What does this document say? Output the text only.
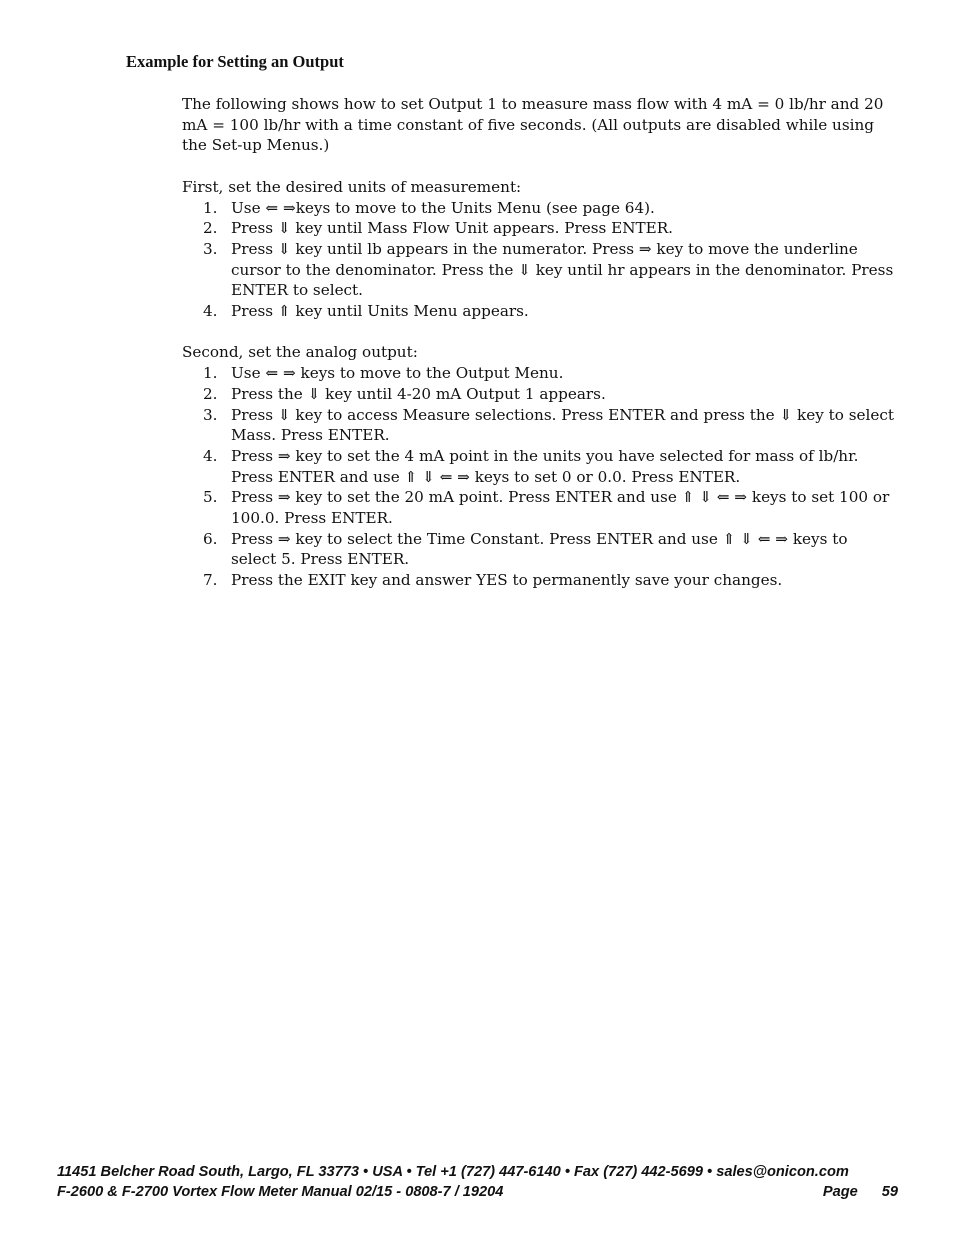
Example for Setting an Output

The following shows how to set Output 1 to measure mass flow with 4 mA = 0 lb/hr and 20 mA = 100 lb/hr with a time constant of five seconds. (All outputs are disabled while using the Set-up Menus.)

First, set the desired units of measurement:

1. Use ⇐ ⇒keys to move to the Units Menu (see page 64).
2. Press ⇓ key until Mass Flow Unit appears. Press ENTER.
3. Press ⇓ key until lb appears in the numerator. Press ⇒ key to move the underline cursor to the denominator. Press the ⇓ key until hr appears in the denominator. Press ENTER to select.
4. Press ⇑ key until Units Menu appears.

Second, set the analog output:

1. Use ⇐ ⇒ keys to move to the Output Menu.
2. Press the ⇓ key until 4-20 mA Output 1 appears.
3. Press ⇓ key to access Measure selections. Press ENTER and press the ⇓ key to select Mass. Press ENTER.
4. Press ⇒ key to set the 4 mA point in the units you have selected for mass of lb/hr. Press ENTER and use ⇑ ⇓ ⇐ ⇒ keys to set 0 or 0.0. Press ENTER.
5. Press ⇒ key to set the 20 mA point. Press ENTER and use ⇑ ⇓ ⇐ ⇒ keys to set 100 or 100.0. Press ENTER.
6. Press ⇒ key to select the Time Constant. Press ENTER and use ⇑ ⇓ ⇐ ⇒ keys to select 5. Press ENTER.
7. Press the EXIT key and answer YES to permanently save your changes.
11451 Belcher Road South, Largo, FL 33773 • USA • Tel +1 (727) 447-6140 • Fax (727) 442-5699 • sales@onicon.com
F-2600 & F-2700 Vortex Flow Meter Manual 02/15 - 0808-7 / 19204	Page 59
